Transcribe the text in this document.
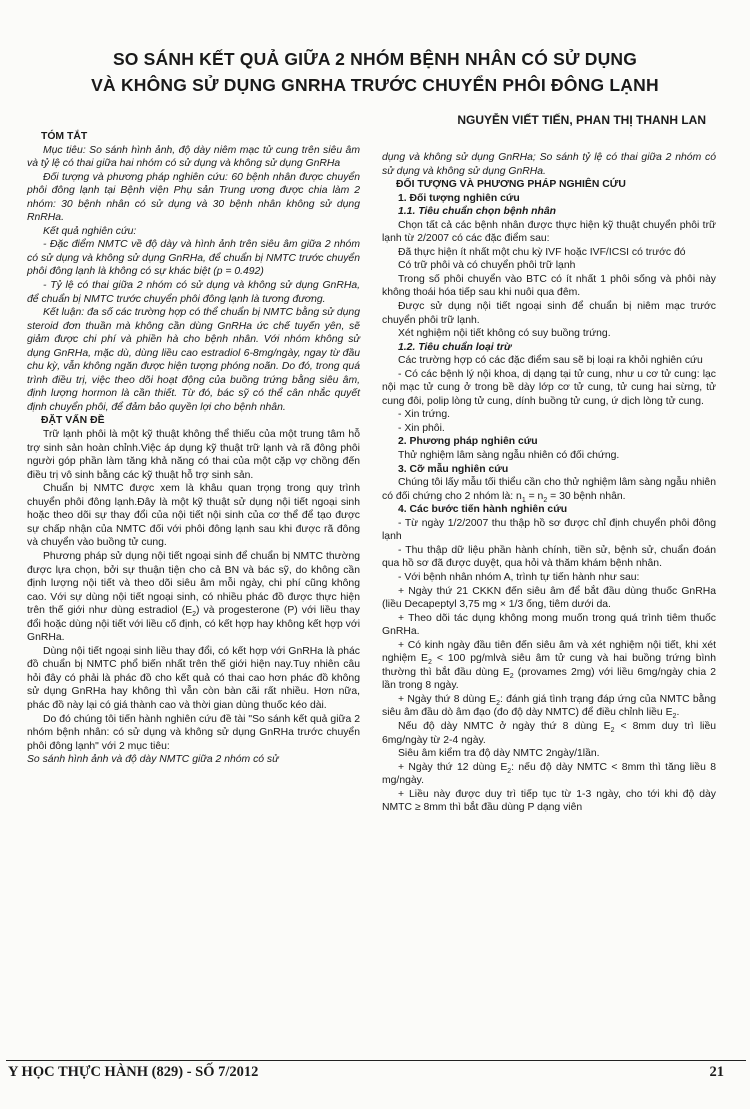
SO SÁNH KẾT QUẢ GIỮA 2 NHÓM BỆNH NHÂN CÓ SỬ DỤNG
VÀ KHÔNG SỬ DỤNG GNRHA TRƯỚC CHUYỂN PHÔI ĐÔNG LẠNH
NGUYỄN VIẾT TIẾN, PHAN THỊ THANH LAN
TÓM TẮT

Mục tiêu: So sánh hình ảnh, độ dày niêm mạc tử cung trên siêu âm và tỷ lệ có thai giữa hai nhóm có sử dụng và không sử dụng GnRHa

Đối tượng và phương pháp nghiên cứu: 60 bệnh nhân được chuyển phôi đông lạnh tại Bệnh viện Phụ sản Trung ương được chia làm 2 nhóm: 30 bệnh nhân có sử dụng và 30 bệnh nhân không sử dụng RnRHa.

Kết quả nghiên cứu:

- Đặc điểm NMTC về độ dày và hình ảnh trên siêu âm giữa 2 nhóm có sử dụng và không sử dụng GnRHa, để chuẩn bị NMTC trước chuyển phôi đông lạnh là không có sự khác biệt (p = 0.492)

- Tỷ lệ có thai giữa 2 nhóm có sử dụng và không sử dụng GnRHa, để chuẩn bị NMTC trước chuyển phôi đông lạnh là tương đương.

Kết luận: đa số các trường hợp có thể chuẩn bị NMTC bằng sử dụng steroid đơn thuần mà không cần dùng GnRHa ức chế tuyến yên, sẽ giảm được chi phí và phiền hà cho bệnh nhân. Với nhóm không sử dụng GnRHa, mặc dù, dùng liều cao estradiol 6-8mg/ngày, ngay từ đầu chu kỳ, vẫn không ngăn được hiện tượng phóng noãn. Do đó, trong quá trình điều trị, việc theo dõi hoạt động của buồng trứng bằng siêu âm, định lượng hormon là cần thiết. Từ đó, bác sỹ có thể cân nhắc quyết định chuyển phôi, để đảm bảo quyền lợi cho bệnh nhân.

ĐẶT VẤN ĐỀ

Trữ lạnh phôi là một kỹ thuật không thể thiếu của một trung tâm hỗ trợ sinh sản hoàn chỉnh.Việc áp dụng kỹ thuật trữ lạnh và rã đông phôi người góp phần làm tăng khả năng có thai của một cặp vợ chồng đến điều trị vô sinh bằng các kỹ thuật hỗ trợ sinh sản.

Chuẩn bị NMTC được xem là khâu quan trọng trong quy trình chuyển phôi đông lạnh.Đây là một kỹ thuật sử dụng nội tiết ngoại sinh hoặc theo dõi sự thay đổi của nội tiết nội sinh của cơ thể để tạo được sự chấp nhận của NMTC đối với phôi đông lạnh sau khi được rã đông và chuyển vào buồng tử cung.

Phương pháp sử dụng nội tiết ngoại sinh để chuẩn bị NMTC thường được lựa chọn, bởi sự thuận tiện cho cả BN và bác sỹ, do không cần định lượng nội tiết và theo dõi siêu âm mỗi ngày, chi phí cũng không cao. Với sự dùng nội tiết ngoại sinh, có nhiều phác đồ được thực hiện trên thế giới như dùng estradiol $(E_2)$ và progesterone (P) với liều thay đổi hoặc dùng nội tiết với liều cố định, có kết hợp hay không kết hợp với GnRHa.

Dùng nội tiết ngoại sinh liều thay đổi, có kết hợp với GnRHa là phác đồ chuẩn bị NMTC phổ biến nhất trên thế giới hiện nay.Tuy nhiên câu hỏi đây có phải là phác đồ cho kết quả có thai cao hơn phác đồ không sử dụng GnRHa hay không thì vẫn còn bàn cãi rất nhiều. Hơn nữa, phác đồ này lại có giá thành cao và thời gian dùng thuốc kéo dài.

Do đó chúng tôi tiến hành nghiên cứu đề tài "So sánh kết quả giữa 2 nhóm bệnh nhân: có sử dụng và không sử dụng GnRHa trước chuyển phôi đông lạnh" với 2 mục tiêu:

So sánh hình ảnh và độ dày NMTC giữa 2 nhóm có sử

dụng và không sử dụng GnRHa; So sánh tỷ lệ có thai giữa 2 nhóm có sử dụng và không sử dụng GnRHa.

ĐỐI TƯỢNG VÀ PHƯƠNG PHÁP NGHIÊN CỨU
1. Đối tượng nghiên cứu
1.1. Tiêu chuẩn chọn bệnh nhân

Chọn tất cả các bệnh nhân được thực hiện kỹ thuật chuyển phôi trữ lạnh từ 2/2007 có các đặc điểm sau:

Đã thực hiện ít nhất một chu kỳ IVF hoặc IVF/ICSI có trước đó

Có trữ phôi và có chuyển phôi trữ lạnh

Trong số phôi chuyển vào BTC có ít nhất 1 phôi sống và phôi này không thoái hóa tiếp sau khi nuôi qua đêm.

Được sử dụng nội tiết ngoại sinh để chuẩn bị niêm mạc trước chuyển phôi trữ lạnh.

Xét nghiệm nội tiết không có suy buồng trứng.

1.2. Tiêu chuẩn loại trừ

Các trường hợp có các đặc điểm sau sẽ bị loại ra khỏi nghiên cứu

- Có các bệnh lý nội khoa, dị dạng tại tử cung, như u cơ tử cung: lạc nội mạc tử cung ở trong bề dày lớp cơ tử cung, tử cung hai sừng, tử cung đôi, polip lòng tử cung, dính buồng tử cung, ứ dịch lòng tử cung.

- Xin trứng.

- Xin phôi.

2. Phương pháp nghiên cứu

Thử nghiệm lâm sàng ngẫu nhiên có đối chứng.

3. Cỡ mẫu nghiên cứu

Chúng tôi lấy mẫu tối thiểu cần cho thử nghiệm lâm sàng ngẫu nhiên có đối chứng cho 2 nhóm là: $n_1 = n_2 = 30$ bệnh nhân.

4. Các bước tiến hành nghiên cứu

- Từ ngày 1/2/2007 thu thập hồ sơ được chỉ định chuyển phôi đông lạnh

- Thu thập dữ liệu phần hành chính, tiền sử, bệnh sử, chuẩn đoán qua hồ sơ đã được duyệt, qua hỏi và thăm khám bệnh nhân.

- Với bệnh nhân nhóm A, trình tự tiến hành như sau:

+ Ngày thứ 21 CKKN đến siêu âm để bắt đầu dùng thuốc GnRHa (liều Decapeptyl 3,75 mg × 1/3 ống, tiêm dưới da.

+ Theo dõi tác dụng không mong muốn trong quá trình tiêm thuốc GnRHa.

+ Có kinh ngày đầu tiên đến siêu âm và xét nghiệm nội tiết, khi xét nghiệm $E_2 < 100$ pg/mlvà siêu âm tử cung và hai buồng trứng bình thường thì bắt đầu dùng $E_2$ (provames 2mg) với liều 6mg/ngày chia 2 lần trong 8 ngày.

+ Ngày thứ 8 dùng $E_2$: đánh giá tình trạng đáp ứng của NMTC bằng siêu âm đầu dò âm đạo (đo độ dày NMTC) để điều chỉnh liều $E_2$.

Nếu độ dày NMTC ở ngày thứ 8 dùng $E_2 < 8mm$ duy trì liều 6mg/ngày từ 2-4 ngày.

Siêu âm kiểm tra độ dày NMTC 2ngày/1lần.

+ Ngày thứ 12 dùng $E_2$: nếu độ dày NMTC < 8mm thì tăng liều 8 mg/ngày.

+ Liều này được duy trì tiếp tục từ 1-3 ngày, cho tới khi độ dày NMTC ≥ 8mm thì bắt đầu dùng P dạng viên

Y HỌC THỰC HÀNH (829) - SỐ 7/2012	21
